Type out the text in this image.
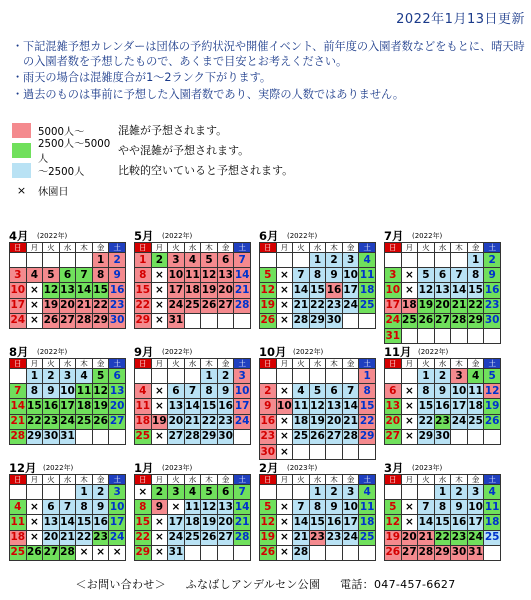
2022年1月13日更新
・ 下記混雑予想カレンダーは団体の予約状況や開催イベント、前年度の入園者数などをもとに、晴天時の入園者数を予想したもので、あくまで目安とお考えください。
・ 雨天の場合は混雑度合が1～2ランク下がります。
・ 過去のものは事前に予想した入園者数であり、実際の人数ではありません。
5000人～	混雑が予想されます。
2500人～5000人
やや混雑が予想されます。
～2500人	比較的空いていると予想されます。
×	休園日
4月 (2022年)
日	月	火	水	木	金	土
					1	2
3	4	5	6	7	8	9
10	×	12	13	14	15	16
17	×	19	20	21	22	23
24	×	26	27	28	29	30
5月 (2022年)
日	月	火	水	木	金	土
1	2	3	4	5	6	7
8	×	10	11	12	13	14
15	×	17	18	19	20	21
22	×	24	25	26	27	28
29	×	31				
6月 (2022年)
日	月	火	水	木	金	土
			1	2	3	4
5	×	7	8	9	10	11
12	×	14	15	16	17	18
19	×	21	22	23	24	25
26	×	28	29	30		
7月 (2022年)
日	月	火	水	木	金	土
					1	2
3	×	5	6	7	8	9
10	×	12	13	14	15	16
17	18	19	20	21	22	23
24	25	26	27	28	29	30
31						
8月 (2022年)
日	月	火	水	木	金	土
	1	2	3	4	5	6
7	8	9	10	11	12	13
14	15	16	17	18	19	20
21	22	23	24	25	26	27
28	29	30	31			
9月 (2022年)
日	月	火	水	木	金	土
				1	2	3
4	×	6	7	8	9	10
11	×	13	14	15	16	17
18	19	20	21	22	23	24
25	×	27	28	29	30	
10月 (2022年)
日	月	火	水	木	金	土
						1
2	×	4	5	6	7	8
9	10	11	12	13	14	15
16	×	18	19	20	21	22
23	×	25	26	27	28	29
30	×					
11月 (2022年)
日	月	火	水	木	金	土
		1	2	3	4	5
6	×	8	9	10	11	12
13	×	15	16	17	18	19
20	×	22	23	24	25	26
27	×	29	30			
12月 (2022年)
日	月	火	水	木	金	土
				1	2	3
4	×	6	7	8	9	10
11	×	13	14	15	16	17
18	×	20	21	22	23	24
25	26	27	28	×	×	×
1月 (2023年)
日	月	火	水	木	金	土
×	2	3	4	5	6	7
8	9	×	11	12	13	14
15	×	17	18	19	20	21
22	×	24	25	26	27	28
29	×	31				
2月 (2023年)
日	月	火	水	木	金	土
			1	2	3	4
5	×	7	8	9	10	11
12	×	14	15	16	17	18
19	×	21	23	23	24	25
26	×	28				
3月 (2023年)
日	月	火	水	木	金	土
			1	2	3	4
5	×	7	8	9	10	11
12	×	14	15	16	17	18
19	20	21	22	23	24	25
26	27	28	29	30	31	
＜お問い合わせ＞ ふなばしアンデルセン公園 電話：047-457-6627
